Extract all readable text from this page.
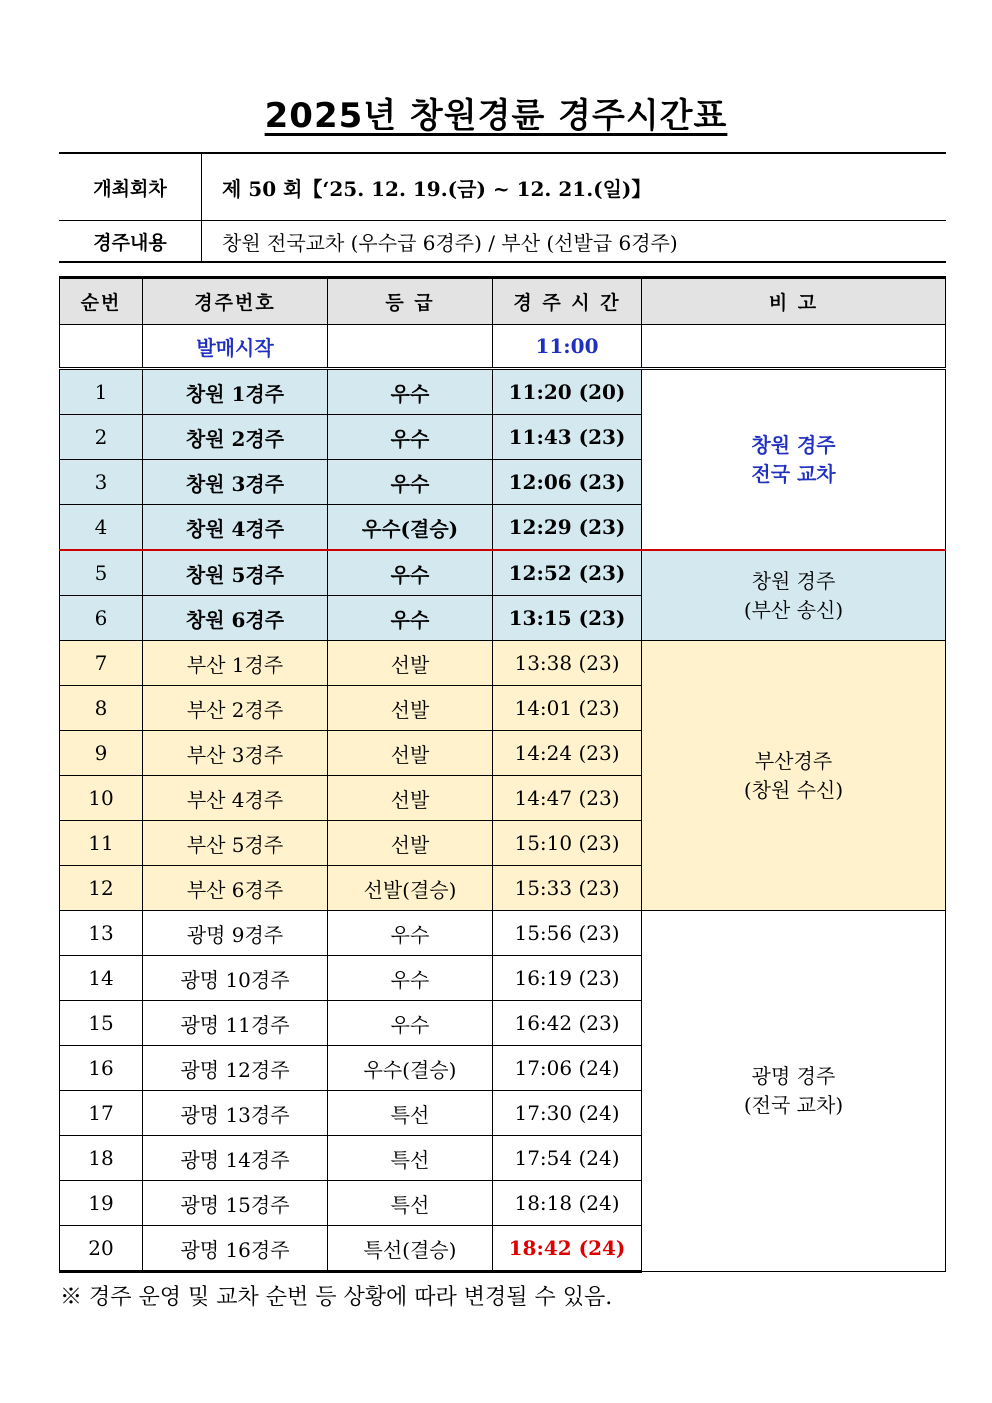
2025년 창원경륜 경주시간표
개최회차	제 50 회【‘25. 12. 19.(금) ~ 12. 21.(일)】
경주내용	창원 전국교차 (우수급 6경주) / 부산 (선발급 6경주)
순번	경주번호	등 급	경 주 시 간	비 고
	발매시작		11:00	
1	창원 1경주	우수	11:20 (20)	창원 경주
전국 교차

2	창원 2경주	우수	11:43 (23)	
3	창원 3경주	우수	12:06 (23)	
4	창원 4경주	우수(결승)	12:29 (23)	
5	창원 5경주	우수	12:52 (23)	창원 경주
(부산 송신)

6	창원 6경주	우수	13:15 (23)	
7	부산 1경주	선발	13:38 (23)	부산경주
(창원 수신)

8	부산 2경주	선발	14:01 (23)	
9	부산 3경주	선발	14:24 (23)	
10	부산 4경주	선발	14:47 (23)	
11	부산 5경주	선발	15:10 (23)	
12	부산 6경주	선발(결승)	15:33 (23)	
13	광명 9경주	우수	15:56 (23)	광명 경주
(전국 교차)

14	광명 10경주	우수	16:19 (23)	
15	광명 11경주	우수	16:42 (23)	
16	광명 12경주	우수(결승)	17:06 (24)	
17	광명 13경주	특선	17:30 (24)	
18	광명 14경주	특선	17:54 (24)	
19	광명 15경주	특선	18:18 (24)	
20	광명 16경주	특선(결승)	18:42 (24)	
※ 경주 운영 및 교차 순번 등 상황에 따라 변경될 수 있음.
